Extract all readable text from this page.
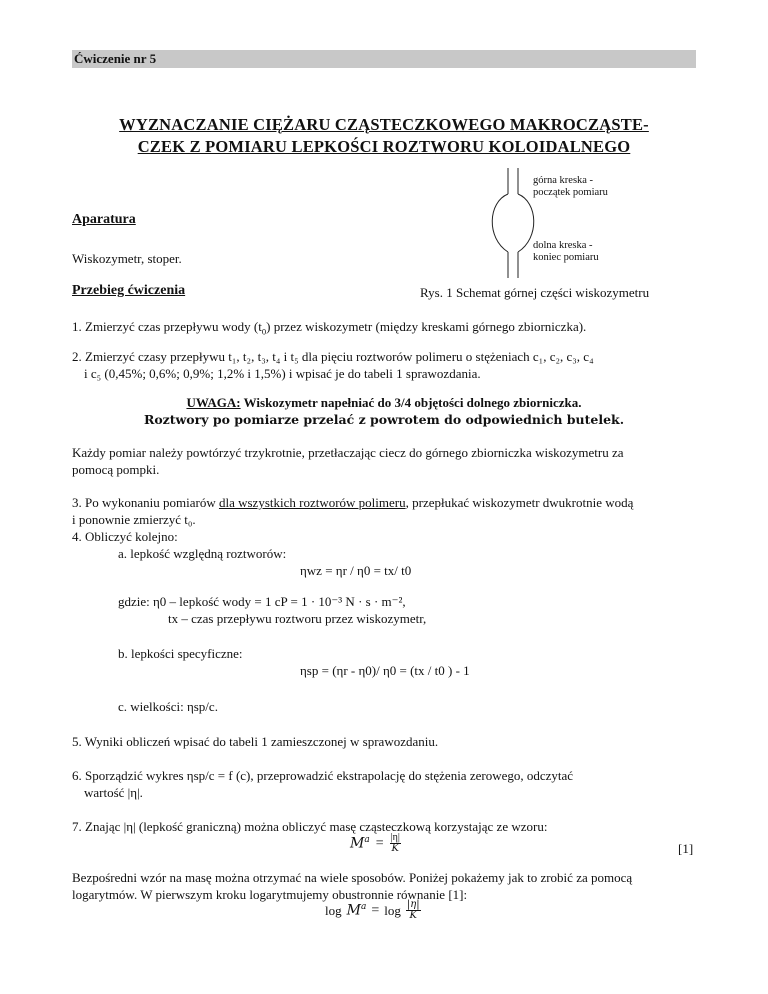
Ćwiczenie nr 5
WYZNACZANIE CIĘŻARU CZĄSTECZKOWEGO MAKROCZĄSTE-
CZEK Z POMIARU LEPKOŚCI ROZTWORU KOLOIDALNEGO
górna kreska -
początek pomiaru
dolna kreska -
koniec pomiaru
Rys. 1 Schemat górnej części wiskozymetru
Aparatura
Wiskozymetr, stoper.
Przebieg ćwiczenia
1. Zmierzyć czas przepływu wody $(t_0)$ przez wiskozymetr (między kreskami górnego zbiorniczka).
2. Zmierzyć czasy przepływu t₁, t₂, t₃, t₄ i t₅ dla pięciu roztworów polimeru o stężeniach c₁, c₂, c₃, c₄
i c₅ (0,45%; 0,6%; 0,9%; 1,2% i 1,5%) i wpisać je do tabeli 1 sprawozdania.
UWAGA: Wiskozymetr napełniać do 3/4 objętości dolnego zbiorniczka.
Roztwory po pomiarze przelać z powrotem do odpowiednich butelek.
Każdy pomiar należy powtórzyć trzykrotnie, przetłaczając ciecz do górnego zbiorniczka wiskozymetru za
pomocą pompki.
3. Po wykonaniu pomiarów dla wszystkich roztworów polimeru, przepłukać wiskozymetr dwukrotnie wodą
i ponownie zmierzyć t₀.
4. Obliczyć kolejno:
a. lepkość względną roztworów:
ηwz = ηr / η0 = tx/ t0
gdzie: η0 – lepkość wody = 1 cP = 1 · 10⁻³ N · s · m⁻²,
tx – czas przepływu roztworu przez wiskozymetr,
b. lepkości specyficzne:
ηsp = (ηr - η0)/ η0 = (tx / t0 ) - 1
c. wielkości: ηsp/c.
5. Wyniki obliczeń wpisać do tabeli 1 zamieszczonej w sprawozdaniu.
6. Sporządzić wykres ηsp/c = f (c), przeprowadzić ekstrapolację do stężenia zerowego, odczytać
wartość |η|.
7. Znając |η| (lepkość graniczną) można obliczyć masę cząsteczkową korzystając ze wzoru:
$M^a = \frac{|\eta|}{K}$	[1]
Bezpośredni wzór na masę można otrzymać na wiele sposobów. Poniżej pokażemy jak to zrobić za pomocą
logarytmów. W pierwszym kroku logarytmujemy obustronnie równanie [1]:
$\log M^a = \log |\eta|$
K
